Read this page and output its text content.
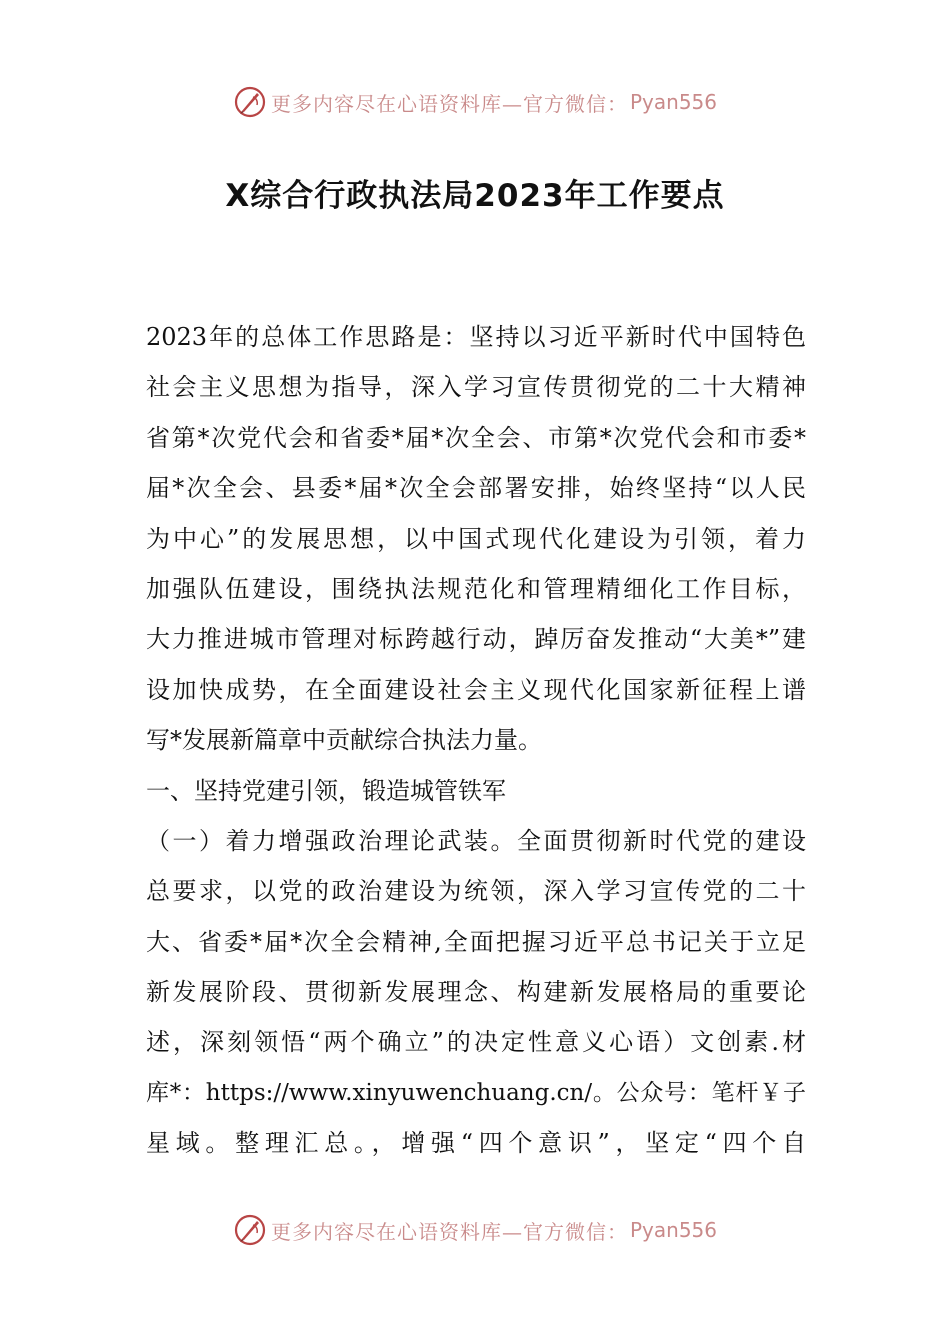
更多内容尽在心语资料库—官方微信： Pyan556
X综合行政执法局2023年工作要点
2023年的总体工作思路是：坚持以习近平新时代中国特色
社会主义思想为指导，深入学习宣传贯彻党的二十大精神
省第*次党代会和省委*届*次全会、市第*次党代会和市委*
届*次全会、县委*届*次全会部署安排，始终坚持“以人民
为中心”的发展思想，以中国式现代化建设为引领，着力
加强队伍建设，围绕执法规范化和管理精细化工作目标，
大力推进城市管理对标跨越行动，踔厉奋发推动“大美*”建
设加快成势，在全面建设社会主义现代化国家新征程上谱
写*发展新篇章中贡献综合执法力量。
一、坚持党建引领，锻造城管铁军
（一）着力增强政治理论武装。全面贯彻新时代党的建设
总要求，以党的政治建设为统领，深入学习宣传党的二十
大、省委*届*次全会精神,全面把握习近平总书记关于立足
新发展阶段、贯彻新发展理念、构建新发展格局的重要论
述，深刻领悟“两个确立”的决定性意义心语）文创素.材
库*：https://www.xinyuwenchuang.cn/。公众号：笔杆￥子
星域。整理汇总。，增强“四个意识”，坚定“四个自
更多内容尽在心语资料库—官方微信： Pyan556
